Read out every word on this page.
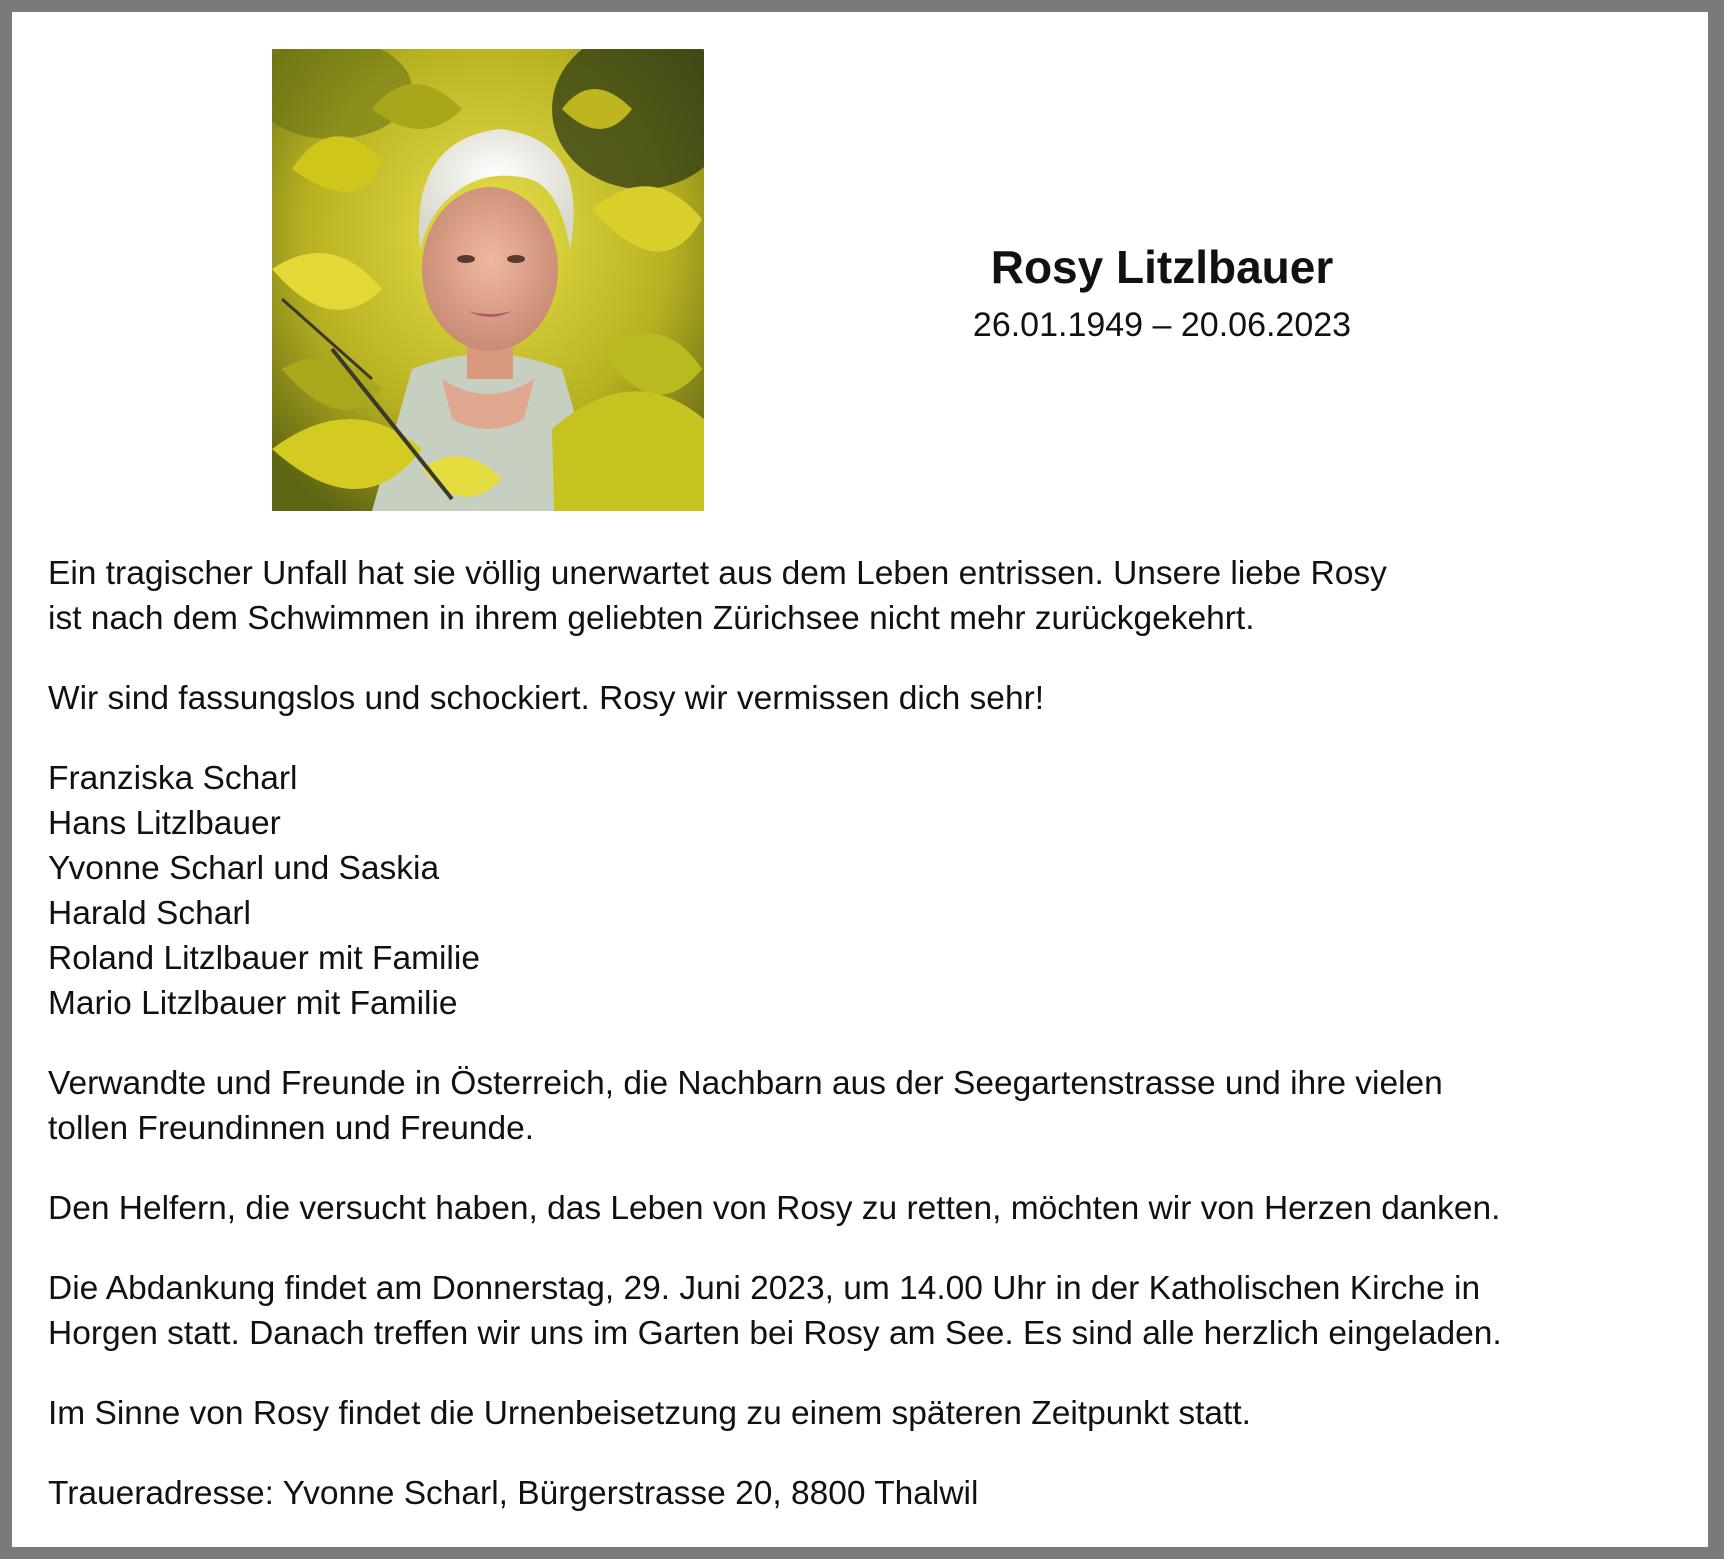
Rosy Litzlbauer
26.01.1949 – 20.06.2023

Ein tragischer Unfall hat sie völlig unerwartet aus dem Leben entrissen. Unsere liebe Rosy
ist nach dem Schwimmen in ihrem geliebten Zürichsee nicht mehr zurückgekehrt.

Wir sind fassungslos und schockiert. Rosy wir vermissen dich sehr!

Franziska Scharl
Hans Litzlbauer
Yvonne Scharl und Saskia
Harald Scharl
Roland Litzlbauer mit Familie
Mario Litzlbauer mit Familie

Verwandte und Freunde in Österreich, die Nachbarn aus der Seegartenstrasse und ihre vielen
tollen Freundinnen und Freunde.

Den Helfern, die versucht haben, das Leben von Rosy zu retten, möchten wir von Herzen danken.

Die Abdankung findet am Donnerstag, 29. Juni 2023, um 14.00 Uhr in der Katholischen Kirche in
Horgen statt. Danach treffen wir uns im Garten bei Rosy am See. Es sind alle herzlich eingeladen.

Im Sinne von Rosy findet die Urnenbeisetzung zu einem späteren Zeitpunkt statt.

Traueradresse: Yvonne Scharl, Bürgerstrasse 20, 8800 Thalwil
